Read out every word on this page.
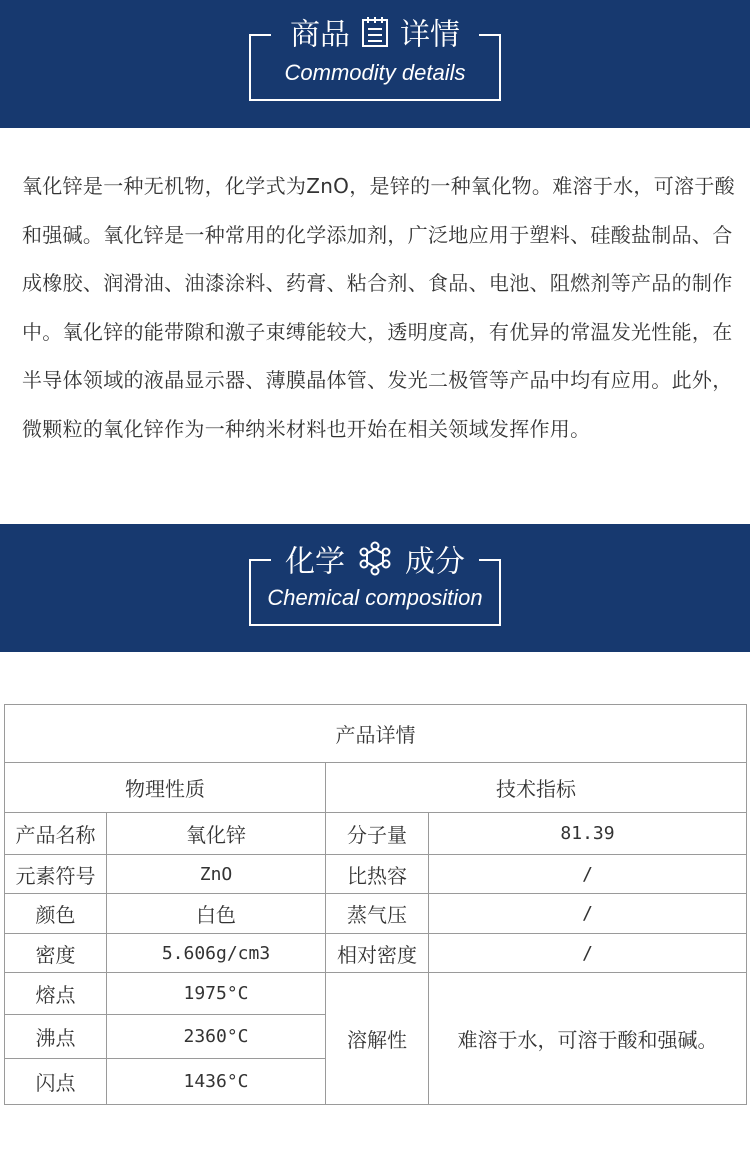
商品 详情
Commodity details
氧化锌是一种无机物，化学式为ZnO，是锌的一种氧化物。难溶于水，可溶于酸和强碱。氧化锌是一种常用的化学添加剂，广泛地应用于塑料、硅酸盐制品、合成橡胶、润滑油、油漆涂料、药膏、粘合剂、食品、电池、阻燃剂等产品的制作中。氧化锌的能带隙和激子束缚能较大，透明度高，有优异的常温发光性能，在半导体领域的液晶显示器、薄膜晶体管、发光二极管等产品中均有应用。此外，微颗粒的氧化锌作为一种纳米材料也开始在相关领域发挥作用。
化学 成分
Chemical composition
产品详情			
物理性质		技术指标	
产品名称	氧化锌	分子量	81.39
元素符号	ZnO	比热容	/
颜色	白色	蒸气压	/
密度	5.606g/cm3	相对密度	/
熔点	1975°C	溶解性	难溶于水，可溶于酸和强碱。
沸点	2360°C		
闪点	1436°C		
